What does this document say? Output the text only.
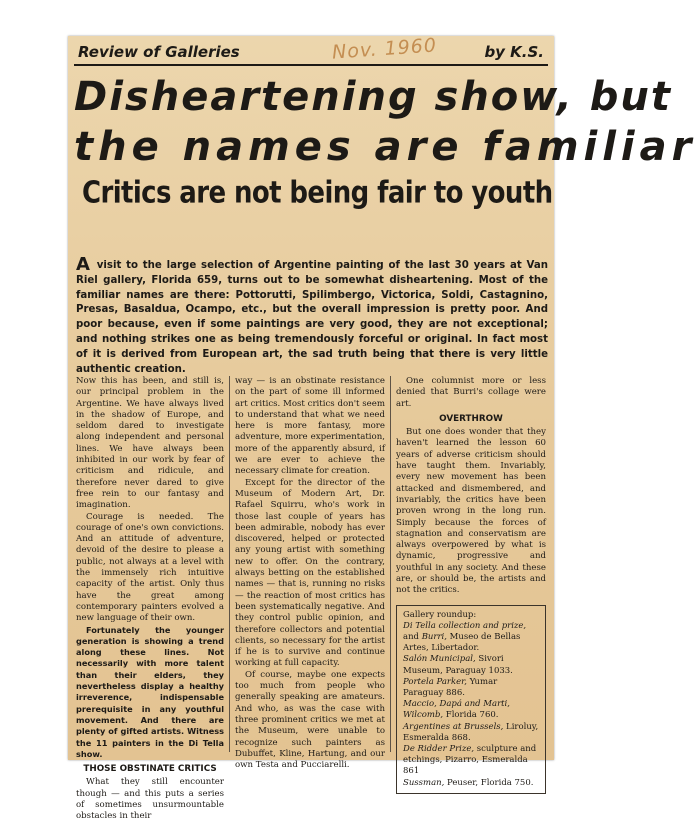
Review of Galleries	Nov. 1960	by K.S.
Disheartening show, but
the names are familiar
Critics are not being fair to youth
A visit to the large selection of Argentine painting of the last 30 years at Van Riel gallery, Florida 659, turns out to be somewhat disheartening. Most of the familiar names are there: Pottorutti, Spilimbergo, Victorica, Soldi, Castagnino, Presas, Basaldua, Ocampo, etc., but the overall impression is pretty poor. And poor because, even if some paintings are very good, they are not exceptional; and nothing strikes one as being tremendously forceful or original. In fact most of it is derived from European art, the sad truth being that there is very little authentic creation.

Now this has been, and still is, our principal problem in the Argentine. We have always lived in the shadow of Europe, and seldom dared to investigate along independent and personal lines. We have always been inhibited in our work by fear of criticism and ridicule, and therefore never dared to give free rein to our fantasy and imagination.

Courage is needed. The courage of one's own convictions. And an attitude of adventure, devoid of the desire to please a public, not always at a level with the immensely rich intuitive capacity of the artist. Only thus have the great among contemporary painters evolved a new language of their own.

Fortunately the younger generation is showing a trend along these lines. Not necessarily with more talent than their elders, they nevertheless display a healthy irreverence, indispensable prerequisite in any youthful movement. And there are plenty of gifted artists. Witness the 11 painters in the Di Tella show.

THOSE OBSTINATE CRITICS

What they still encounter though — and this puts a series of sometimes unsurmountable obstacles in their

way — is an obstinate resistance on the part of some ill informed art critics. Most critics don't seem to understand that what we need here is more fantasy, more adventure, more experimentation, more of the apparently absurd, if we are ever to achieve the necessary climate for creation.

Except for the director of the Museum of Modern Art, Dr. Rafael Squirru, who's work in those last couple of years has been admirable, nobody has ever discovered, helped or protected any young artist with something new to offer. On the contrary, always betting on the established names — that is, running no risks — the reaction of most critics has been systematically negative. And they control public opinion, and therefore collectors and potential clients, so necessary for the artist if he is to survive and continue working at full capacity.

Of course, maybe one expects too much from people who generally speaking are amateurs. And who, as was the case with three prominent critics we met at the Museum, were unable to recognize such painters as Dubuffet, Kline, Hartung, and our own Testa and Pucciarelli.

One columnist more or less denied that Burri's collage were art.

OVERTHROW

But one does wonder that they haven't learned the lesson 60 years of adverse criticism should have taught them. Invariably, every new movement has been attacked and dismembered, and invariably, the critics have been proven wrong in the long run. Simply because the forces of stagnation and conservatism are always overpowered by what is dynamic, progressive and youthful in any society. And these are, or should be, the artists and not the critics.

Gallery roundup:
Di Tella collection and prize, and Burri, Museo de Bellas Artes, Libertador.
Salón Municipal, Sivori Museum, Paraguay 1033.
Portela Parker, Yumar Paraguay 886.
Maccio, Dapá and Marti, Wilcomb, Florida 760.
Argentines at Brussels, Liroluy, Esmeralda 868.
De Ridder Prize, sculpture and etchings, Pizarro, Esmeralda 861
Sussman, Peuser, Florida 750.
